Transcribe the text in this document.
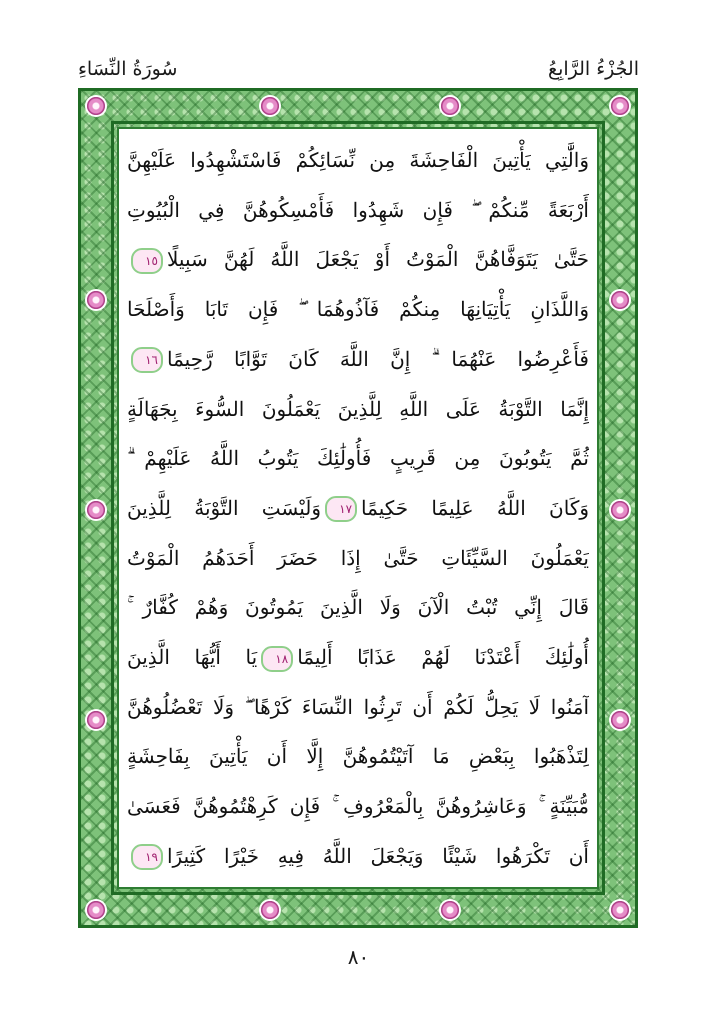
سُورَةُ النِّسَاءِ	الجُزْءُ الرَّابِعُ
وَالَّٰتِي يَأْتِينَ الْفَاحِشَةَ مِن نِّسَائِكُمْ فَاسْتَشْهِدُوا عَلَيْهِنَّ
أَرْبَعَةً مِّنكُمْ ۖ فَإِن شَهِدُوا فَأَمْسِكُوهُنَّ فِي الْبُيُوتِ
حَتَّىٰ يَتَوَفَّاهُنَّ الْمَوْتُ أَوْ يَجْعَلَ اللَّهُ لَهُنَّ سَبِيلًا١٥
وَاللَّذَانِ يَأْتِيَانِهَا مِنكُمْ فَآذُوهُمَا ۖ فَإِن تَابَا وَأَصْلَحَا
فَأَعْرِضُوا عَنْهُمَا ۗ إِنَّ اللَّهَ كَانَ تَوَّابًا رَّحِيمًا١٦
إِنَّمَا التَّوْبَةُ عَلَى اللَّهِ لِلَّذِينَ يَعْمَلُونَ السُّوءَ بِجَهَالَةٍ
ثُمَّ يَتُوبُونَ مِن قَرِيبٍ فَأُولَٰئِكَ يَتُوبُ اللَّهُ عَلَيْهِمْ ۗ
وَكَانَ اللَّهُ عَلِيمًا حَكِيمًا١٧وَلَيْسَتِ التَّوْبَةُ لِلَّذِينَ
يَعْمَلُونَ السَّيِّئَاتِ حَتَّىٰ إِذَا حَضَرَ أَحَدَهُمُ الْمَوْتُ
قَالَ إِنِّي تُبْتُ الْآنَ وَلَا الَّذِينَ يَمُوتُونَ وَهُمْ كُفَّارٌ ۚ
أُولَٰئِكَ أَعْتَدْنَا لَهُمْ عَذَابًا أَلِيمًا١٨يَا أَيُّهَا الَّذِينَ
آمَنُوا لَا يَحِلُّ لَكُمْ أَن تَرِثُوا النِّسَاءَ كَرْهًا ۖ وَلَا تَعْضُلُوهُنَّ
لِتَذْهَبُوا بِبَعْضِ مَا آتَيْتُمُوهُنَّ إِلَّا أَن يَأْتِينَ بِفَاحِشَةٍ
مُّبَيِّنَةٍ ۚ وَعَاشِرُوهُنَّ بِالْمَعْرُوفِ ۚ فَإِن كَرِهْتُمُوهُنَّ فَعَسَىٰ
أَن تَكْرَهُوا شَيْئًا وَيَجْعَلَ اللَّهُ فِيهِ خَيْرًا كَثِيرًا١٩
٨٠
